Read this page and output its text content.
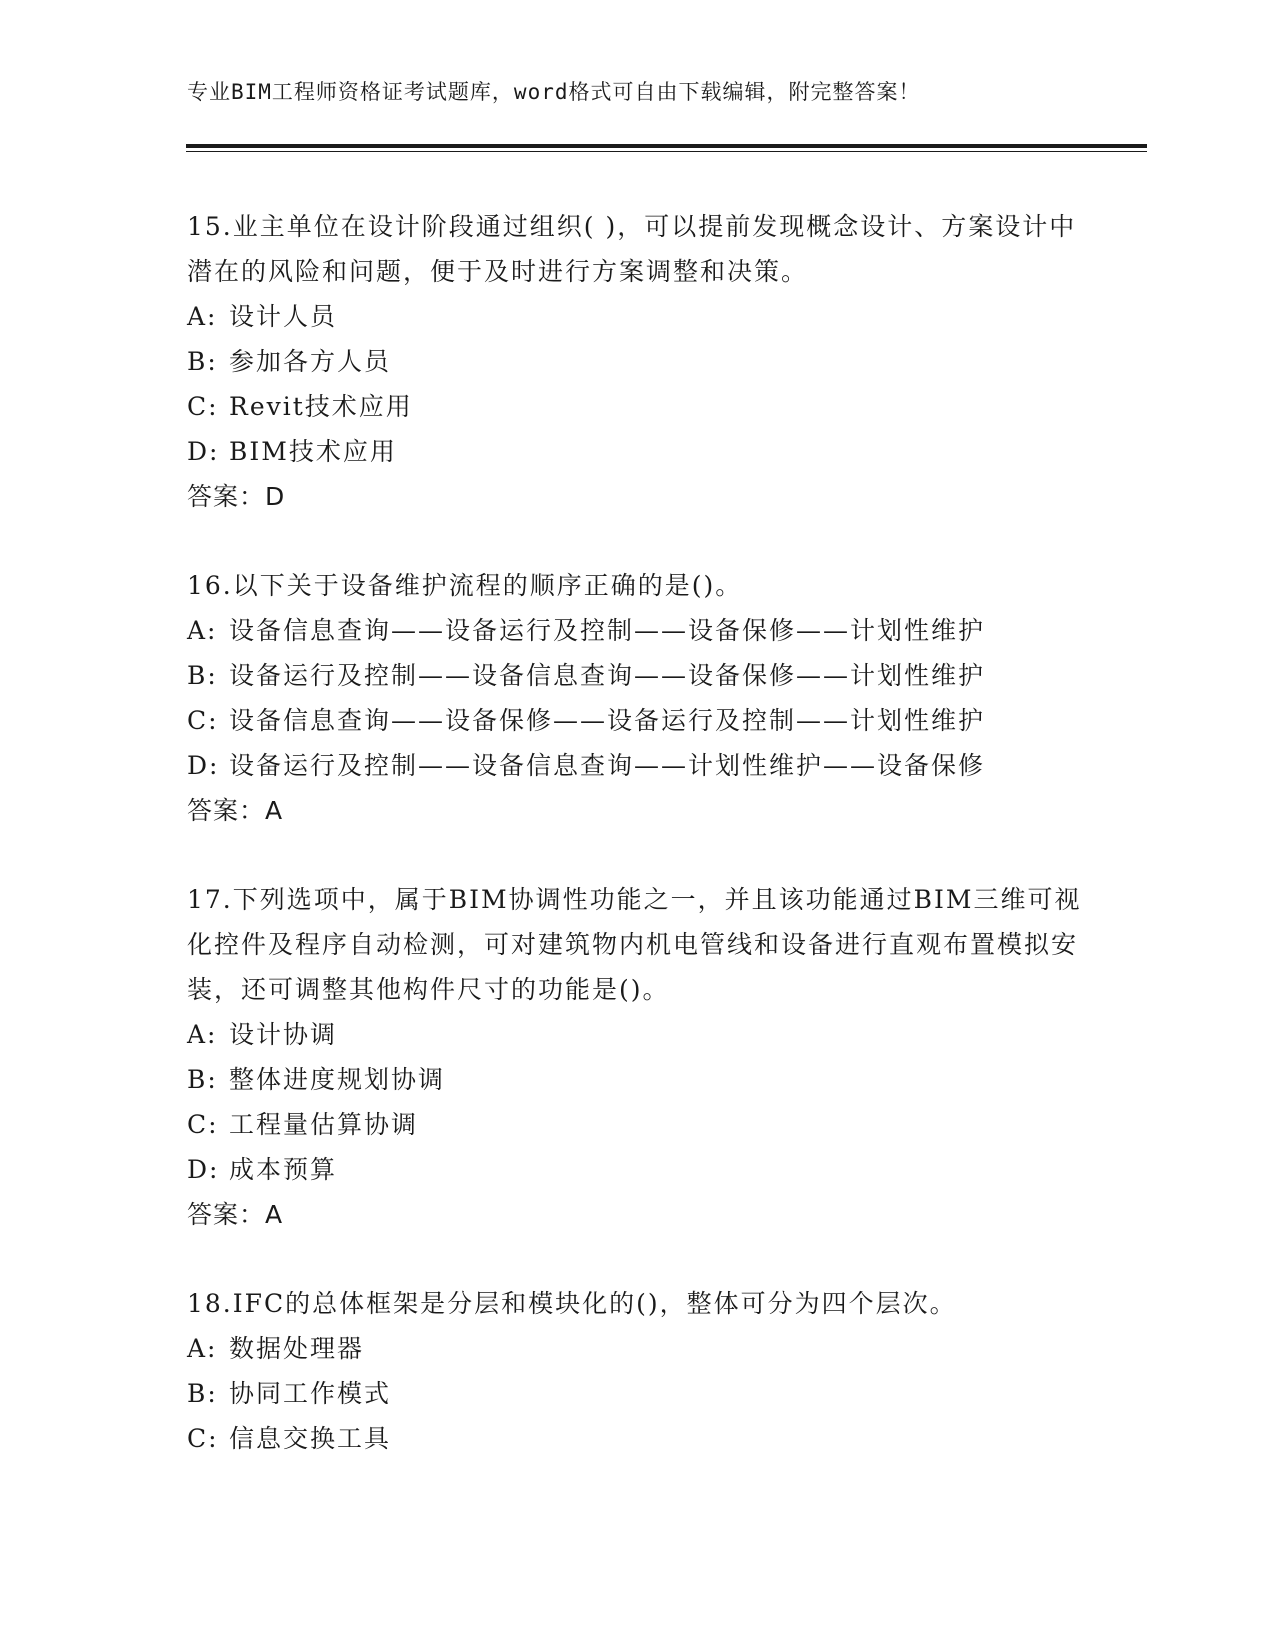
专业BIM工程师资格证考试题库，word格式可自由下载编辑，附完整答案！

15.业主单位在设计阶段通过组织( )，可以提前发现概念设计、方案设计中潜在的风险和问题，便于及时进行方案调整和决策。

A: 设计人员

B: 参加各方人员

C: Revit技术应用

D: BIM技术应用

答案：D

16.以下关于设备维护流程的顺序正确的是()。

A: 设备信息查询——设备运行及控制——设备保修——计划性维护

B: 设备运行及控制——设备信息查询——设备保修——计划性维护

C: 设备信息查询——设备保修——设备运行及控制——计划性维护

D: 设备运行及控制——设备信息查询——计划性维护——设备保修

答案：A

17.下列选项中，属于BIM协调性功能之一，并且该功能通过BIM三维可视化控件及程序自动检测，可对建筑物内机电管线和设备进行直观布置模拟安装，还可调整其他构件尺寸的功能是()。

A: 设计协调

B: 整体进度规划协调

C: 工程量估算协调

D: 成本预算

答案：A

18.IFC的总体框架是分层和模块化的()，整体可分为四个层次。

A: 数据处理器

B: 协同工作模式

C: 信息交换工具
